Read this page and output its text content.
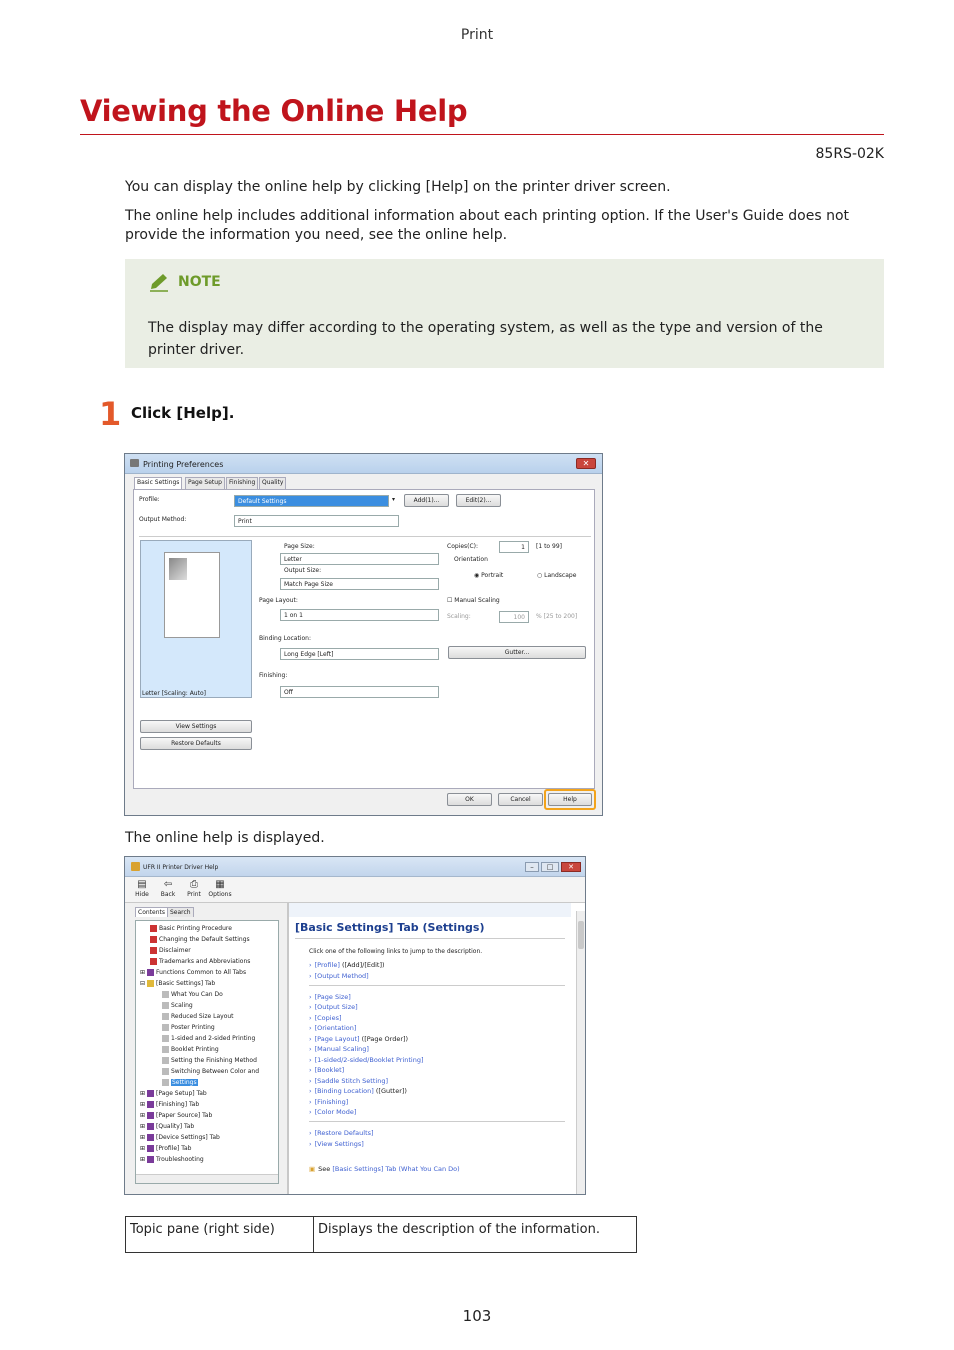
Print
Viewing the Online Help
85RS-02K
You can display the online help by clicking [Help] on the printer driver screen.
The online help includes additional information about each printing option. If the User's Guide does not provide the information you need, see the online help.
NOTE
The display may differ according to the operating system, as well as the type and version of the printer driver.
1 Click [Help].
Printing Preferences	✕
Basic Settings	Page Setup	Finishing	Quality
Profile:	Default Settings	▾	Add(1)...	Edit(2)...
Output Method:	Print
Letter [Scaling: Auto]
Page Size:
Letter
Output Size:
Match Page Size
Copies(C):	1	[1 to 99]
Orientation
◉ Portrait	○ Landscape
Page Layout:
1 on 1
☐ Manual Scaling
Scaling:	100	% [25 to 200]
Binding Location:
Long Edge [Left]	Gutter...
Finishing:
Off
View Settings
Restore Defaults
OK	Cancel	Help
The online help is displayed.
UFR II Printer Driver Help	–	□	✕
▤
Hide
⇦
Back
⎙
Print
▦
Options
Contents Search
Basic Printing Procedure
Changing the Default Settings
Disclaimer
Trademarks and Abbreviations
⊞ Functions Common to All Tabs
⊟ [Basic Settings] Tab
What You Can Do
Scaling
Reduced Size Layout
Poster Printing
1-sided and 2-sided Printing
Booklet Printing
Setting the Finishing Method
Switching Between Color and
Settings
⊞ [Page Setup] Tab
⊞ [Finishing] Tab
⊞ [Paper Source] Tab
⊞ [Quality] Tab
⊞ [Device Settings] Tab
⊞ [Profile] Tab
⊞ Troubleshooting
[Basic Settings] Tab (Settings)
Click one of the following links to jump to the description.
› [Profile] ([Add]/[Edit])
› [Output Method]
› [Page Size]
› [Output Size]
› [Copies]
› [Orientation]
› [Page Layout] ([Page Order])
› [Manual Scaling]
› [1-sided/2-sided/Booklet Printing]
› [Booklet]
› [Saddle Stitch Setting]
› [Binding Location] ([Gutter])
› [Finishing]
› [Color Mode]
› [Restore Defaults]
› [View Settings]
▣ See [Basic Settings] Tab (What You Can Do)
Topic pane (right side)	Displays the description of the information.
103
